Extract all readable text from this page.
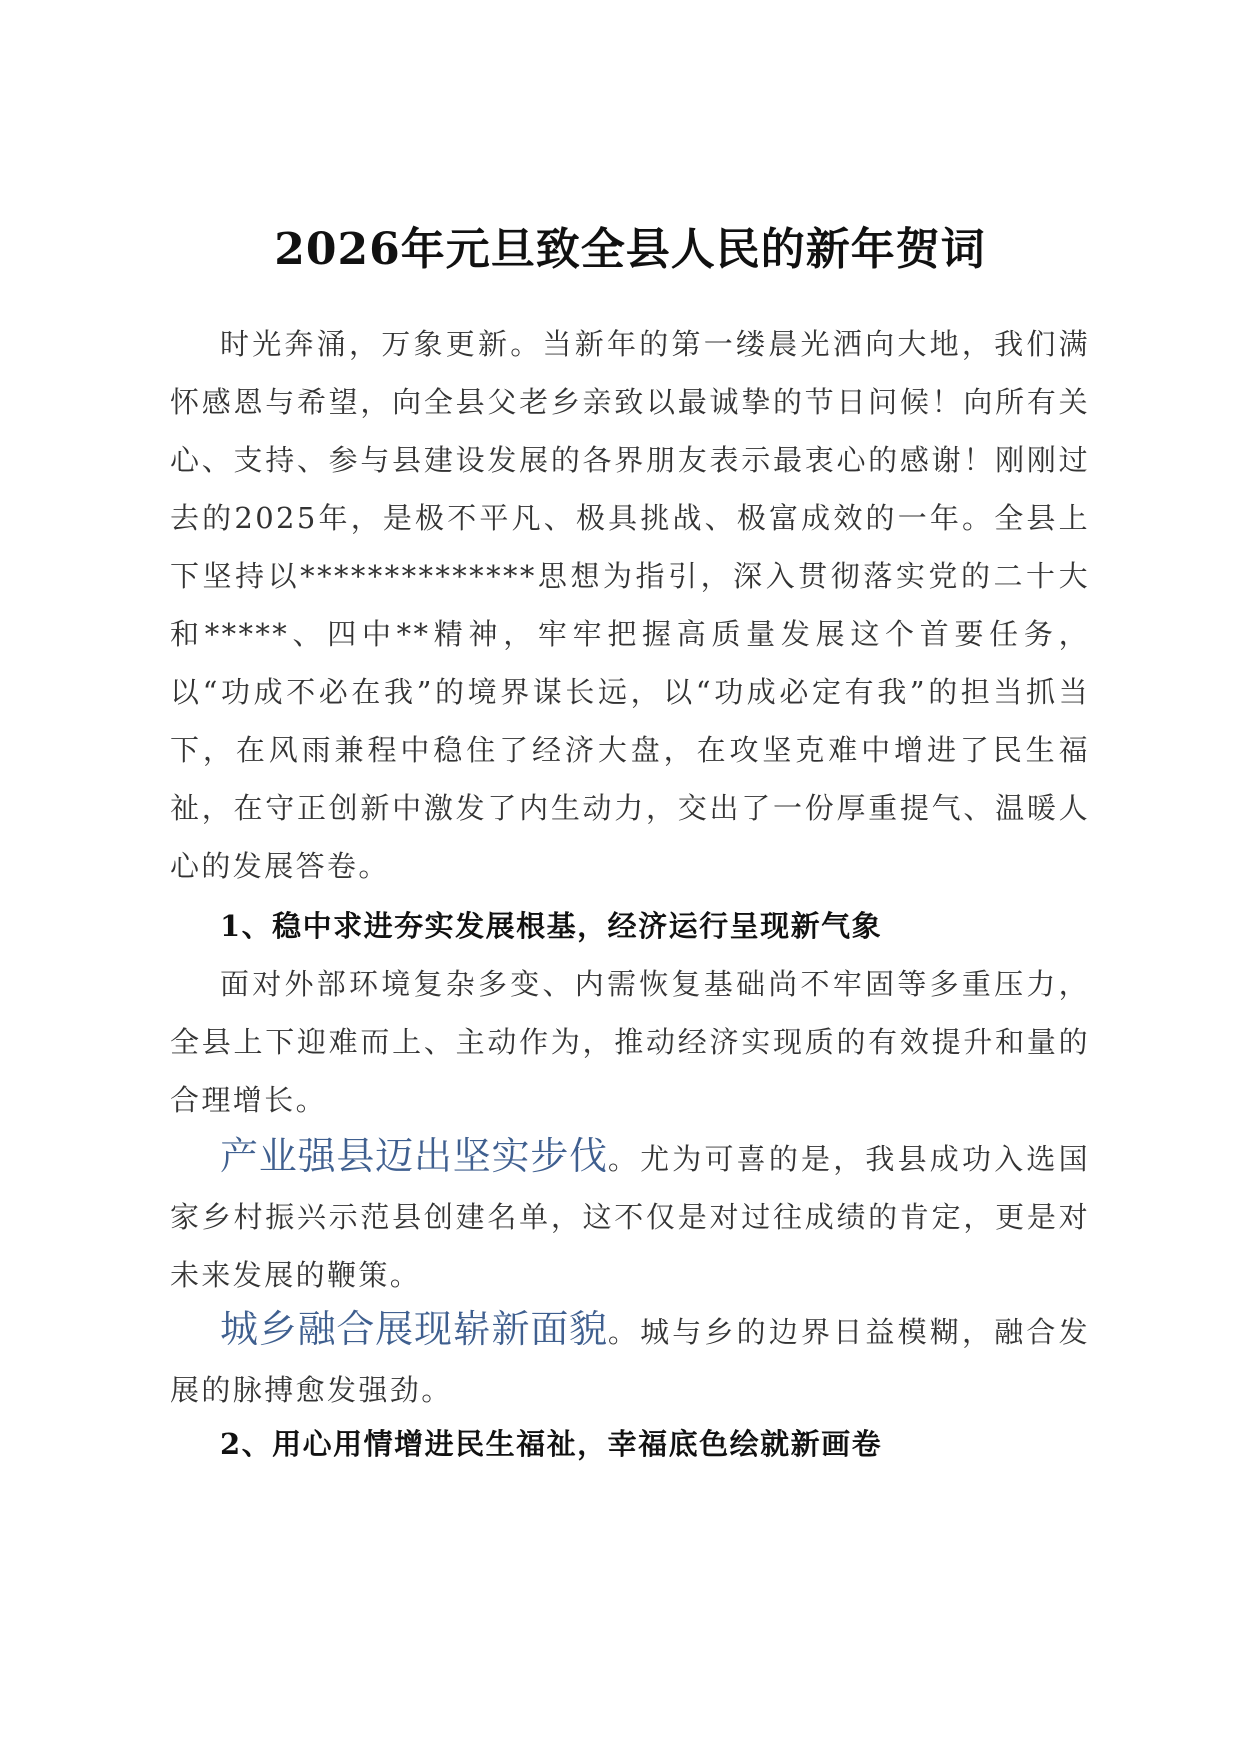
2026年元旦致全县人民的新年贺词

时光奔涌，万象更新。当新年的第一缕晨光洒向大地，我们满怀感恩与希望，向全县父老乡亲致以最诚挚的节日问候！向所有关心、支持、参与县建设发展的各界朋友表示最衷心的感谢！刚刚过去的2025年，是极不平凡、极具挑战、极富成效的一年。全县上下坚持以**************思想为指引，深入贯彻落实党的二十大和*****、四中**精神，牢牢把握高质量发展这个首要任务，以“功成不必在我”的境界谋长远，以“功成必定有我”的担当抓当下，在风雨兼程中稳住了经济大盘，在攻坚克难中增进了民生福祉，在守正创新中激发了内生动力，交出了一份厚重提气、温暖人心的发展答卷。

1、稳中求进夯实发展根基，经济运行呈现新气象

面对外部环境复杂多变、内需恢复基础尚不牢固等多重压力，全县上下迎难而上、主动作为，推动经济实现质的有效提升和量的合理增长。

产业强县迈出坚实步伐。尤为可喜的是，我县成功入选国家乡村振兴示范县创建名单，这不仅是对过往成绩的肯定，更是对未来发展的鞭策。

城乡融合展现崭新面貌。城与乡的边界日益模糊，融合发展的脉搏愈发强劲。

2、用心用情增进民生福祉，幸福底色绘就新画卷
